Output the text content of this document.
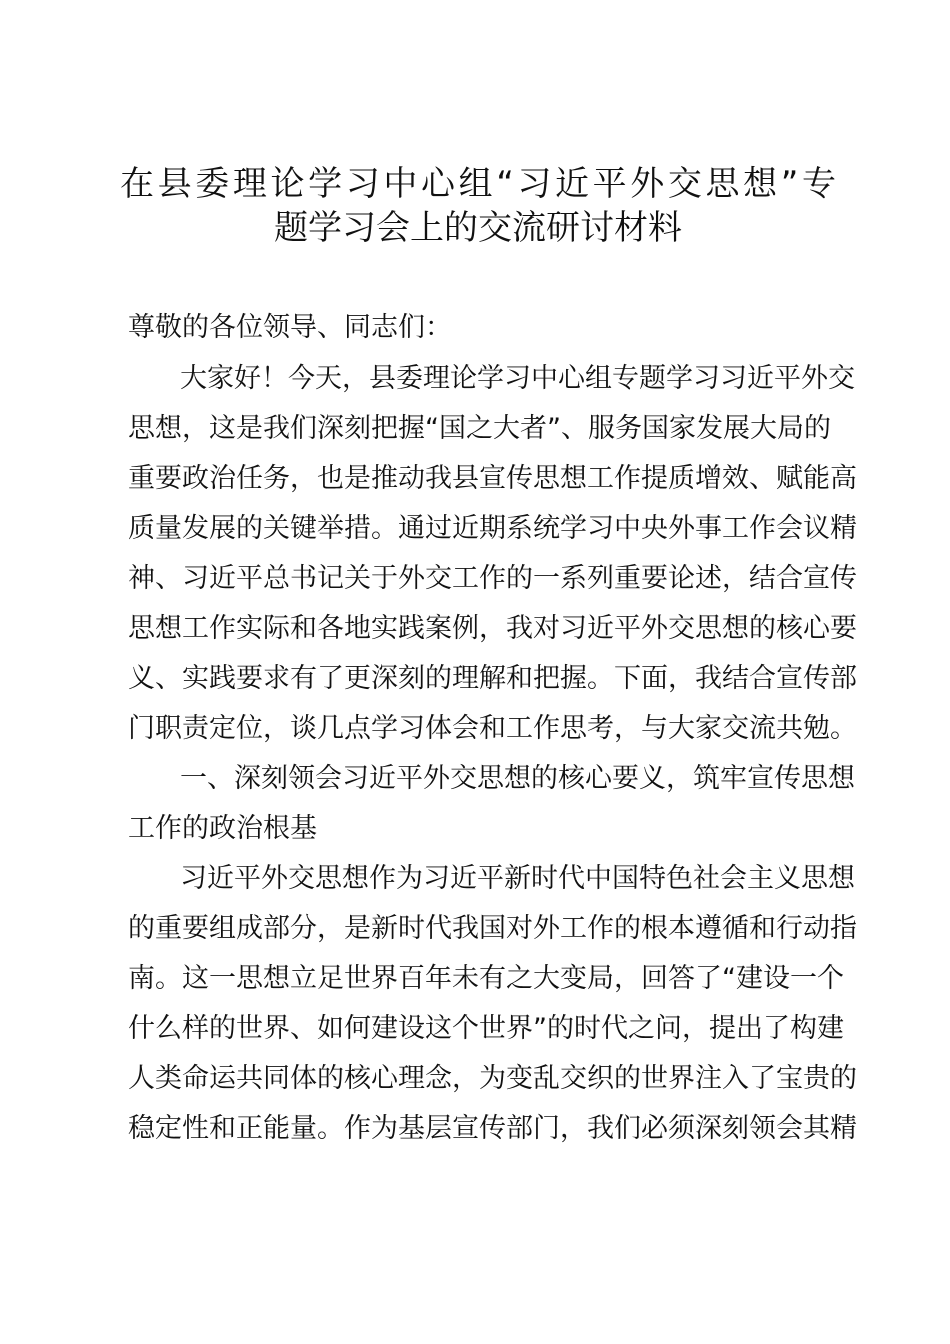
在县委理论学习中心组“习近平外交思想”专
题学习会上的交流研讨材料
尊敬的各位领导、同志们：
大家好！今天，县委理论学习中心组专题学习习近平外交
思想，这是我们深刻把握“国之大者”、服务国家发展大局的
重要政治任务，也是推动我县宣传思想工作提质增效、赋能高
质量发展的关键举措。通过近期系统学习中央外事工作会议精
神、习近平总书记关于外交工作的一系列重要论述，结合宣传
思想工作实际和各地实践案例，我对习近平外交思想的核心要
义、实践要求有了更深刻的理解和把握。下面，我结合宣传部
门职责定位，谈几点学习体会和工作思考，与大家交流共勉。
一、深刻领会习近平外交思想的核心要义，筑牢宣传思想
工作的政治根基
习近平外交思想作为习近平新时代中国特色社会主义思想
的重要组成部分，是新时代我国对外工作的根本遵循和行动指
南。这一思想立足世界百年未有之大变局，回答了“建设一个
什么样的世界、如何建设这个世界”的时代之问，提出了构建
人类命运共同体的核心理念，为变乱交织的世界注入了宝贵的
稳定性和正能量。作为基层宣传部门，我们必须深刻领会其精
